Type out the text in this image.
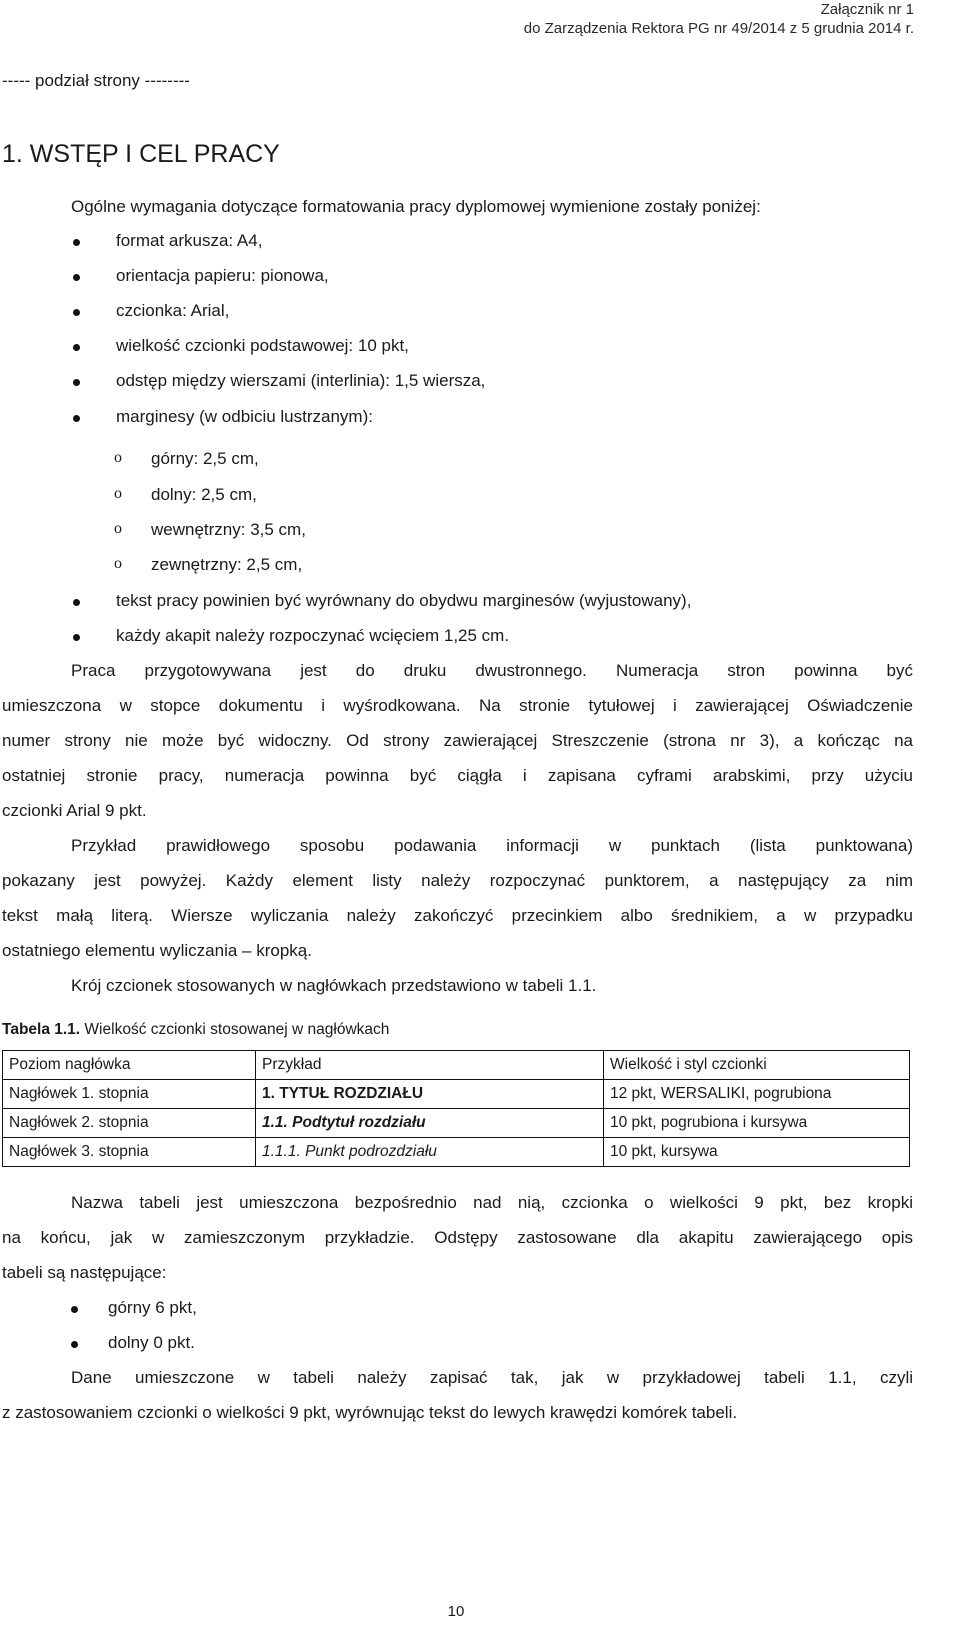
Załącznik nr 1
do Zarządzenia Rektora PG nr 49/2014 z 5 grudnia 2014 r.
----- podział strony --------
1. WSTĘP I CEL PRACY
Ogólne wymagania dotyczące formatowania pracy dyplomowej wymienione zostały poniżej:
format arkusza: A4,
orientacja papieru: pionowa,
czcionka: Arial,
wielkość czcionki podstawowej: 10 pkt,
odstęp między wierszami (interlinia): 1,5 wiersza,
marginesy (w odbiciu lustrzanym):
o górny: 2,5 cm,
o dolny: 2,5 cm,
o wewnętrzny: 3,5 cm,
o zewnętrzny: 2,5 cm,
tekst pracy powinien być wyrównany do obydwu marginesów (wyjustowany),
każdy akapit należy rozpoczynać wcięciem 1,25 cm.
Praca przygotowywana jest do druku dwustronnego. Numeracja stron powinna być
umieszczona w stopce dokumentu i wyśrodkowana. Na stronie tytułowej i zawierającej Oświadczenie
numer strony nie może być widoczny. Od strony zawierającej Streszczenie (strona nr 3), a kończąc na
ostatniej stronie pracy, numeracja powinna być ciągła i zapisana cyframi arabskimi, przy użyciu
czcionki Arial 9 pkt.
Przykład prawidłowego sposobu podawania informacji w punktach (lista punktowana)
pokazany jest powyżej. Każdy element listy należy rozpoczynać punktorem, a następujący za nim
tekst małą literą. Wiersze wyliczania należy zakończyć przecinkiem albo średnikiem, a w przypadku
ostatniego elementu wyliczania – kropką.
Krój czcionek stosowanych w nagłówkach przedstawiono w tabeli 1.1.
Tabela 1.1. Wielkość czcionki stosowanej w nagłówkach
Poziom nagłówka	Przykład	Wielkość i styl czcionki
Nagłówek 1. stopnia	1. TYTUŁ ROZDZIAŁU	12 pkt, WERSALIKI, pogrubiona
Nagłówek 2. stopnia	1.1. Podtytuł rozdziału	10 pkt, pogrubiona i kursywa
Nagłówek 3. stopnia	1.1.1. Punkt podrozdziału	10 pkt, kursywa
Nazwa tabeli jest umieszczona bezpośrednio nad nią, czcionka o wielkości 9 pkt, bez kropki
na końcu, jak w zamieszczonym przykładzie. Odstępy zastosowane dla akapitu zawierającego opis
tabeli są następujące:
górny 6 pkt,
dolny 0 pkt.
Dane umieszczone w tabeli należy zapisać tak, jak w przykładowej tabeli 1.1, czyli
z zastosowaniem czcionki o wielkości 9 pkt, wyrównując tekst do lewych krawędzi komórek tabeli.
10
